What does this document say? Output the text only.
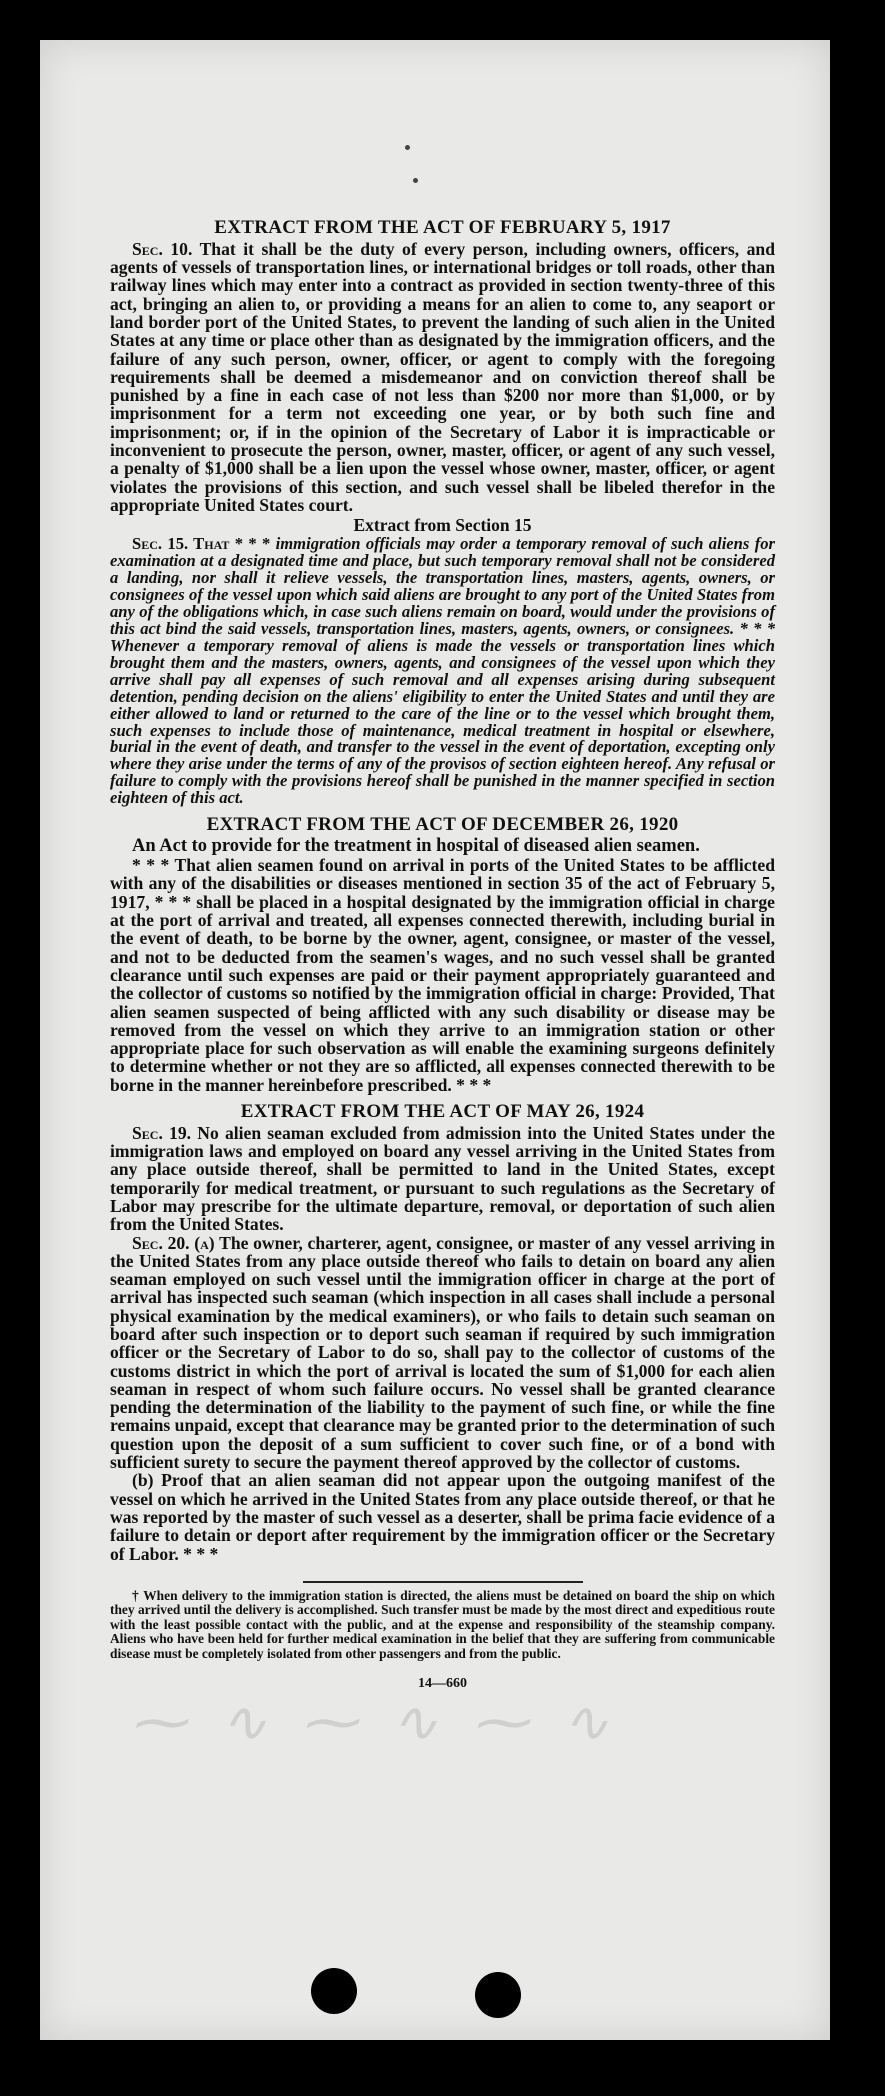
EXTRACT FROM THE ACT OF FEBRUARY 5, 1917

Sec. 10. That it shall be the duty of every person, including owners, officers, and agents of vessels of transportation lines, or international bridges or toll roads, other than railway lines which may enter into a contract as provided in section twenty-three of this act, bringing an alien to, or providing a means for an alien to come to, any seaport or land border port of the United States, to prevent the landing of such alien in the United States at any time or place other than as designated by the immigration officers, and the failure of any such person, owner, officer, or agent to comply with the foregoing requirements shall be deemed a misdemeanor and on conviction thereof shall be punished by a fine in each case of not less than $200 nor more than $1,000, or by imprisonment for a term not exceeding one year, or by both such fine and imprisonment; or, if in the opinion of the Secretary of Labor it is impracticable or inconvenient to prosecute the person, owner, master, officer, or agent of any such vessel, a penalty of $1,000 shall be a lien upon the vessel whose owner, master, officer, or agent violates the provisions of this section, and such vessel shall be libeled therefor in the appropriate United States court.

Extract from Section 15

Sec. 15. That * * * immigration officials may order a temporary removal of such aliens for examination at a designated time and place, but such temporary removal shall not be considered a landing, nor shall it relieve vessels, the transportation lines, masters, agents, owners, or consignees of the vessel upon which said aliens are brought to any port of the United States from any of the obligations which, in case such aliens remain on board, would under the provisions of this act bind the said vessels, transportation lines, masters, agents, owners, or consignees. * * * Whenever a temporary removal of aliens is made the vessels or transportation lines which brought them and the masters, owners, agents, and consignees of the vessel upon which they arrive shall pay all expenses of such removal and all expenses arising during subsequent detention, pending decision on the aliens' eligibility to enter the United States and until they are either allowed to land or returned to the care of the line or to the vessel which brought them, such expenses to include those of maintenance, medical treatment in hospital or elsewhere, burial in the event of death, and transfer to the vessel in the event of deportation, excepting only where they arise under the terms of any of the provisos of section eighteen hereof. Any refusal or failure to comply with the provisions hereof shall be punished in the manner specified in section eighteen of this act.

EXTRACT FROM THE ACT OF DECEMBER 26, 1920

An Act to provide for the treatment in hospital of diseased alien seamen.

* * * That alien seamen found on arrival in ports of the United States to be afflicted with any of the disabilities or diseases mentioned in section 35 of the act of February 5, 1917, * * * shall be placed in a hospital designated by the immigration official in charge at the port of arrival and treated, all expenses connected therewith, including burial in the event of death, to be borne by the owner, agent, consignee, or master of the vessel, and not to be deducted from the seamen's wages, and no such vessel shall be granted clearance until such expenses are paid or their payment appropriately guaranteed and the collector of customs so notified by the immigration official in charge: Provided, That alien seamen suspected of being afflicted with any such disability or disease may be removed from the vessel on which they arrive to an immigration station or other appropriate place for such observation as will enable the examining surgeons definitely to determine whether or not they are so afflicted, all expenses connected therewith to be borne in the manner hereinbefore prescribed. * * *

EXTRACT FROM THE ACT OF MAY 26, 1924

Sec. 19. No alien seaman excluded from admission into the United States under the immigration laws and employed on board any vessel arriving in the United States from any place outside thereof, shall be permitted to land in the United States, except temporarily for medical treatment, or pursuant to such regulations as the Secretary of Labor may prescribe for the ultimate departure, removal, or deportation of such alien from the United States.

Sec. 20. (a) The owner, charterer, agent, consignee, or master of any vessel arriving in the United States from any place outside thereof who fails to detain on board any alien seaman employed on such vessel until the immigration officer in charge at the port of arrival has inspected such seaman (which inspection in all cases shall include a personal physical examination by the medical examiners), or who fails to detain such seaman on board after such inspection or to deport such seaman if required by such immigration officer or the Secretary of Labor to do so, shall pay to the collector of customs of the customs district in which the port of arrival is located the sum of $1,000 for each alien seaman in respect of whom such failure occurs. No vessel shall be granted clearance pending the determination of the liability to the payment of such fine, or while the fine remains unpaid, except that clearance may be granted prior to the determination of such question upon the deposit of a sum sufficient to cover such fine, or of a bond with sufficient surety to secure the payment thereof approved by the collector of customs.

(b) Proof that an alien seaman did not appear upon the outgoing manifest of the vessel on which he arrived in the United States from any place outside thereof, or that he was reported by the master of such vessel as a deserter, shall be prima facie evidence of a failure to detain or deport after requirement by the immigration officer or the Secretary of Labor. * * *

† When delivery to the immigration station is directed, the aliens must be detained on board the ship on which they arrived until the delivery is accomplished. Such transfer must be made by the most direct and expeditious route with the least possible contact with the public, and at the expense and responsibility of the steamship company. Aliens who have been held for further medical examination in the belief that they are suffering from communicable disease must be completely isolated from other passengers and from the public.

14—660
⁓ ∿ ⁓ ∿ ⁓ ∿
